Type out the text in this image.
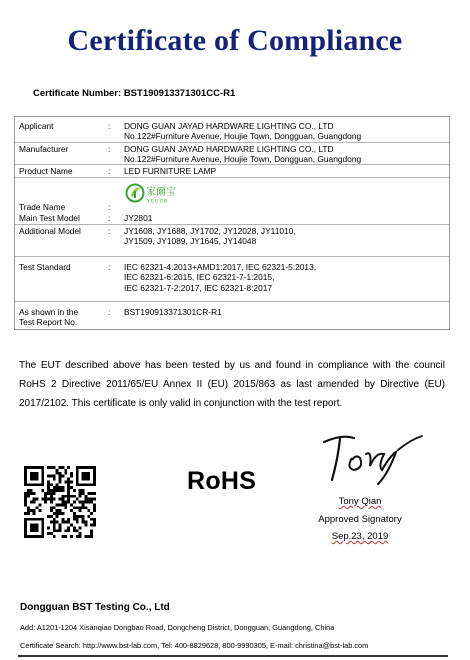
Certificate of Compliance
Certificate Number: BST190913371301CC-R1
Applicant	: DONG GUAN JAYAD HARDWARE LIGHTING CO., LTD
No.122#Furniture Avenue, Houjie Town, Dongguan, Guangdong
Manufacturer	: DONG GUAN JAYAD HARDWARE LIGHTING CO., LTD
No.122#Furniture Avenue, Houjie Town, Dongguan, Guangdong
Product Name	: LED FURNITURE LAMP
家爾宝
YEUCB
Trade Name	:
Main Test Model	: JY2801
Additional Model	: JY1608, JY1688, JY1702, JY12028, JY11010,
JY1509, JY1089, JY1645, JY14048
Test Standard	: IEC 62321-4:2013+AMD1:2017, IEC 62321-5:2013,
IEC 62321-6:2015, IEC 62321-7-1:2015,
IEC 62321-7-2:2017, IEC 62321-8:2017
As shown in the
Test Report No.
: BST190913371301CR-R1
The EUT described above has been tested by us and found in compliance with the council RoHS 2 Directive 2011/65/EU Annex II (EU) 2015/863 as last amended by Directive (EU) 2017/2102. This certificate is only valid in conjunction with the test report.
RoHS
Tony Qian
Approved Signatory
Sep.23, 2019
Dongguan BST Testing Co., Ltd
Add: A1201-1204 Xisanqiao Dongbao Road, Dongcheng District, Dongguan, Guangdong, China
Certificate Search: http://www.bst-lab.com, Tel: 400-8829628, 800-9990305, E-mail: christina@bst-lab.com
